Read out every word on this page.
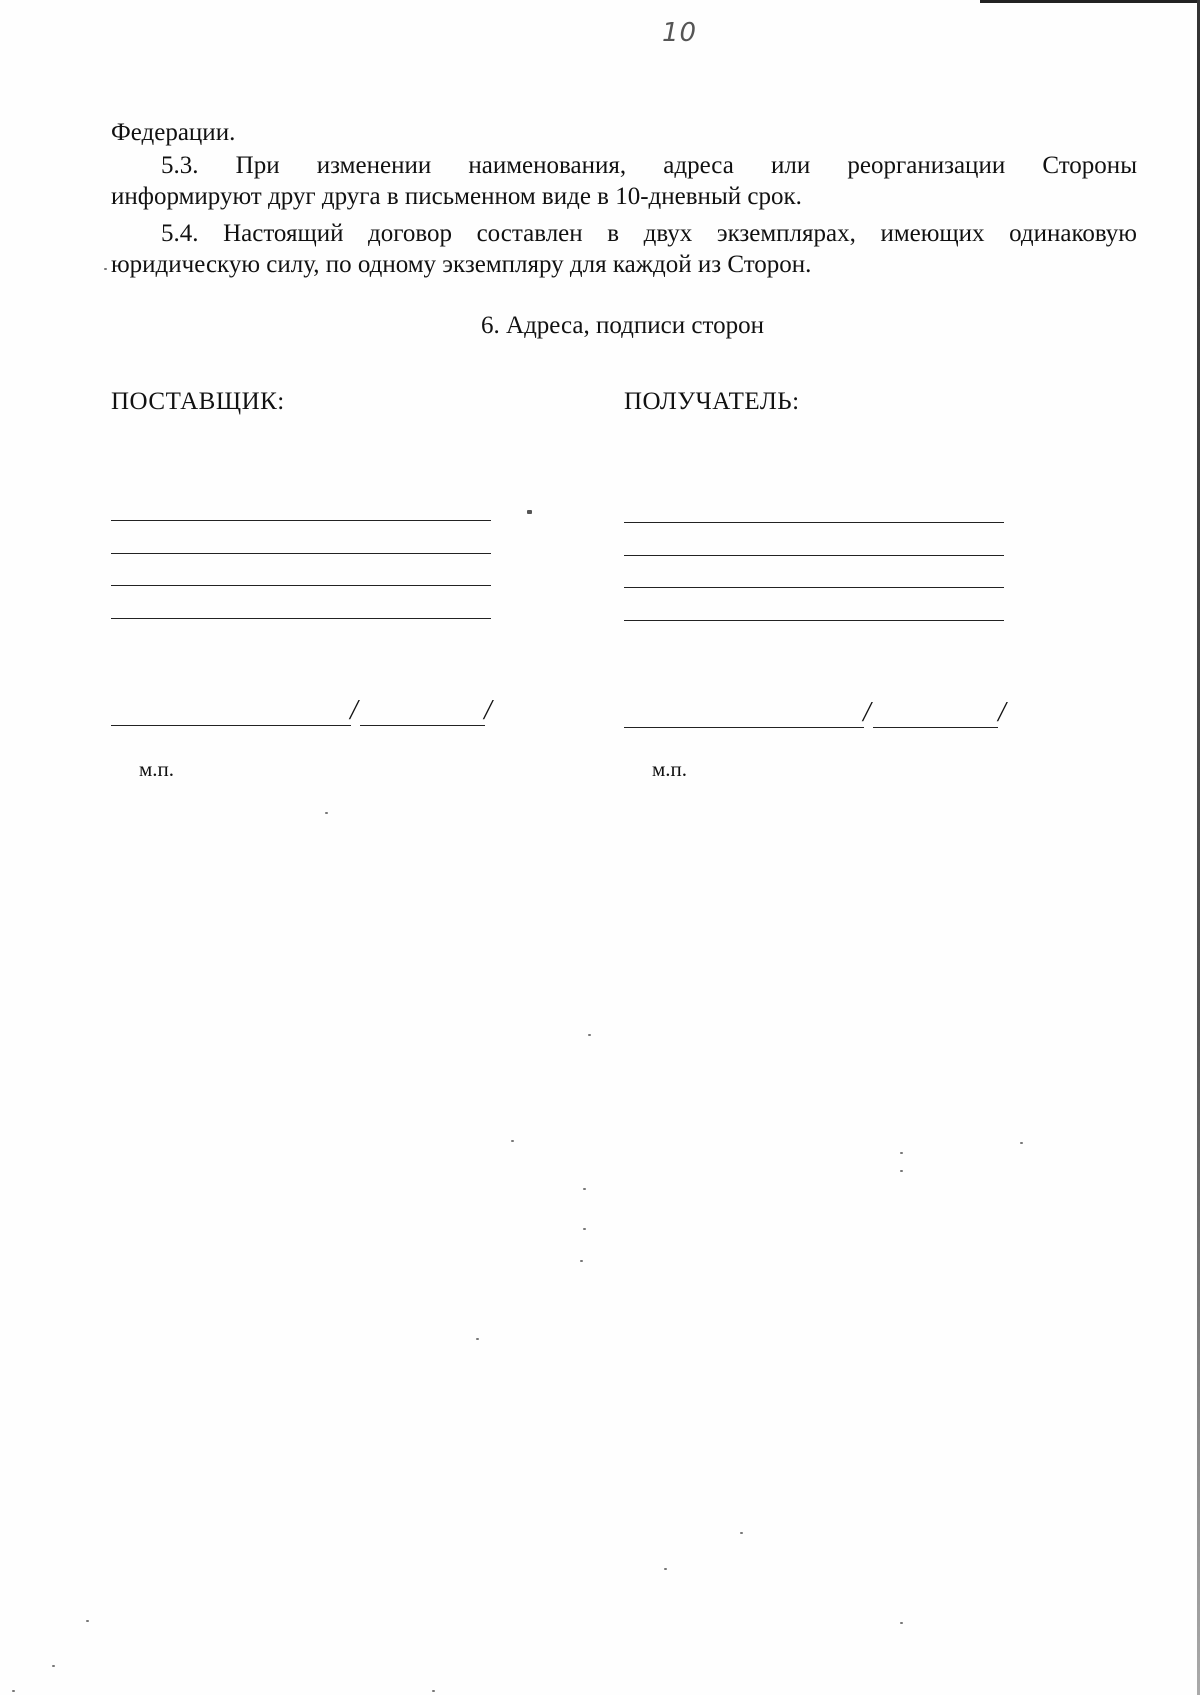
10
Федерации.
5.3. При изменении наименования, адреса или реорганизации Стороны
информируют друг друга в письменном виде в 10-дневный срок.
5.4. Настоящий договор составлен в двух экземплярах, имеющих одинаковую
юридическую силу, по одному экземпляру для каждой из Сторон.
6. Адреса, подписи сторон
ПОСТАВЩИК:	ПОЛУЧАТЕЛЬ:
/	/	/	/
м.п.	м.п.
